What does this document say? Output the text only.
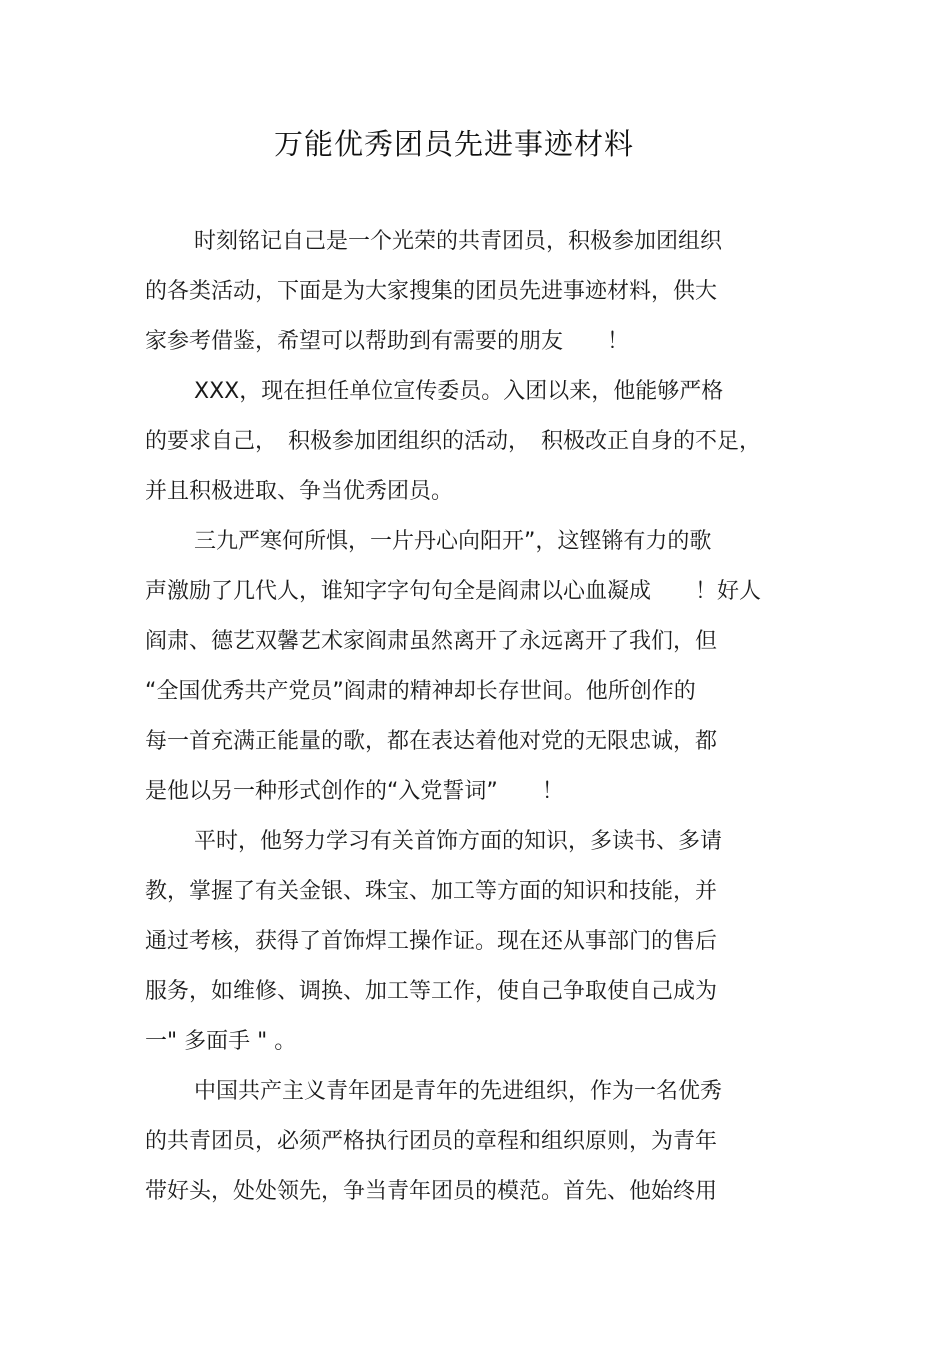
万能优秀团员先进事迹材料
时刻铭记自己是一个光荣的共青团员，积极参加团组织
的各类活动，下面是为大家搜集的团员先进事迹材料，供大
家参考借鉴，希望可以帮助到有需要的朋友　　！
XXX，现在担任单位宣传委员。入团以来，他能够严格
的要求自己，　积极参加团组织的活动，　积极改正自身的不足，
并且积极进取、争当优秀团员。
三九严寒何所惧，一片丹心向阳开”，这铿锵有力的歌
声激励了几代人，谁知字字句句全是阎肃以心血凝成　　！好人
阎肃、德艺双馨艺术家阎肃虽然离开了永远离开了我们，但
“全国优秀共产党员”阎肃的精神却长存世间。他所创作的
每一首充满正能量的歌，都在表达着他对党的无限忠诚，都
是他以另一种形式创作的“入党誓词”　　！
平时，他努力学习有关首饰方面的知识，多读书、多请
教，掌握了有关金银、珠宝、加工等方面的知识和技能，并
通过考核，获得了首饰焊工操作证。现在还从事部门的售后
服务，如维修、调换、加工等工作，使自己争取使自己成为
一" 多面手 " 。
中国共产主义青年团是青年的先进组织，作为一名优秀
的共青团员，必须严格执行团员的章程和组织原则，为青年
带好头，处处领先，争当青年团员的模范。首先、他始终用
